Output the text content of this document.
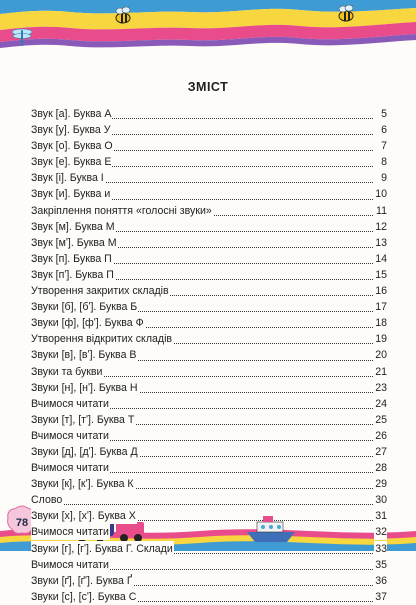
ЗМІСТ
Звук [а]. Буква А	5
Звук [у]. Буква У	6
Звук [о]. Буква О	7
Звук [е]. Буква Е	8
Звук [і]. Буква І	9
Звук [и]. Буква и	10
Закріплення поняття «голосні звуки»	11
Звук [м]. Буква М	12
Звук [мʹ]. Буква М	13
Звук [п]. Буква П	14
Звук [пʹ]. Буква П	15
Утворення закритих складів	16
Звуки [б], [бʹ]. Буква Б	17
Звуки [ф], [фʹ]. Буква Ф	18
Утворення відкритих складів	19
Звуки [в], [вʹ]. Буква В	20
Звуки та букви	21
Звуки [н], [нʹ]. Буква Н	23
Вчимося читати	24
Звуки [т], [тʹ]. Буква Т	25
Вчимося читати	26
Звуки [д], [дʹ]. Буква Д	27
Вчимося читати	28
Звуки [к], [кʹ]. Буква К	29
Слово	30
Звуки [х], [хʹ]. Буква Х	31
Вчимося читати	32
Звуки [г], [гʹ]. Буква Г. Склади	33
Вчимося читати	35
Звуки [ґ], [ґʹ]. Буква Ґ	36
Звуки [с], [сʹ]. Буква С	37
78
